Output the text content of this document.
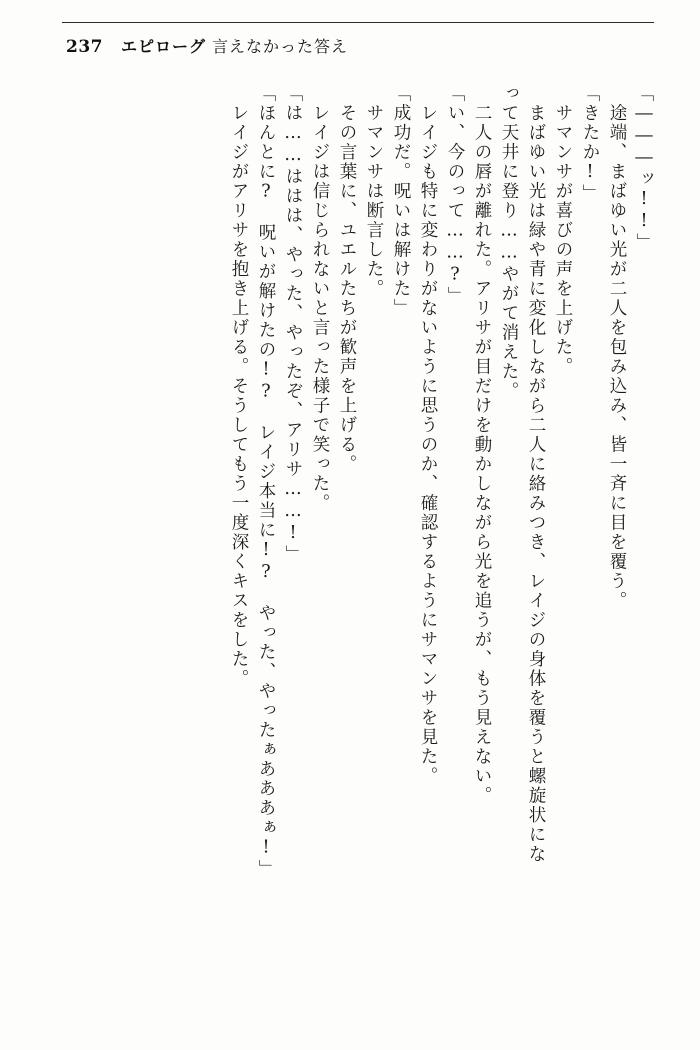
237 エピローグ 言えなかった答え
「―――ッ!!」
　途端、まばゆい光が二人を包み込み、皆一斉に目を覆う。
「きたか!」
　サマンサが喜びの声を上げた。
　まばゆい光は緑や青に変化しながら二人に絡みつき、レイジの身体を覆うと螺旋状にな
って天井に登り……やがて消えた。
　二人の唇が離れた。アリサが目だけを動かしながら光を追うが、もう見えない。
「い、今のって……?」
　レイジも特に変わりがないように思うのか、確認するようにサマンサを見た。
「成功だ。呪いは解けた」
　サマンサは断言した。
　その言葉に、ユエルたちが歓声を上げる。
　レイジは信じられないと言った様子で笑った。
「は……ははは、やった、やったぞ、アリサ……!」
「ほんとに?　呪いが解けたの!?　レイジ本当に!?　やった、やったぁあああぁ!」
　レイジがアリサを抱き上げる。そうしてもう一度深くキスをした。
